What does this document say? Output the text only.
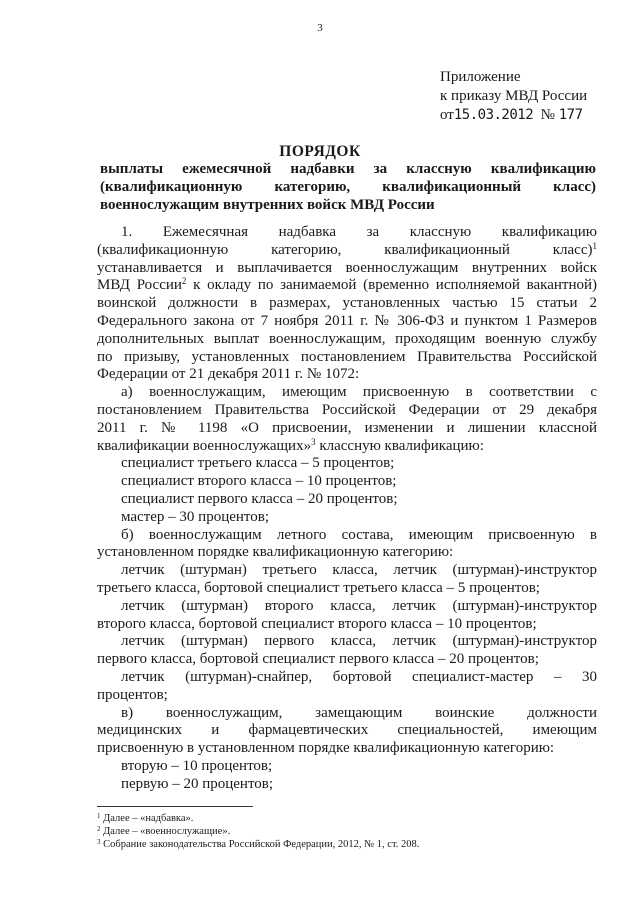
3
Приложение
к приказу МВД России
от15.03.2012 № 177
ПОРЯДОК
выплаты ежемесячной надбавки за классную квалификацию
(квалификационную категорию, квалификационный класс)
военнослужащим внутренних войск МВД России
1. Ежемесячная надбавка за классную квалификацию
(квалификационную категорию, квалификационный класс)$^1$
устанавливается и выплачивается военнослужащим внутренних войск
МВД России$^2$ к окладу по занимаемой (временно исполняемой вакантной)
воинской должности в размерах, установленных частью 15 статьи 2
Федерального закона от 7 ноября 2011 г. № 306-ФЗ и пунктом 1 Размеров
дополнительных выплат военнослужащим, проходящим военную службу
по призыву, установленных постановлением Правительства Российской
Федерации от 21 декабря 2011 г. № 1072:
а) военнослужащим, имеющим присвоенную в соответствии с
постановлением Правительства Российской Федерации от 29 декабря
2011 г. № 1198 «О присвоении, изменении и лишении классной
квалификации военнослужащих»$^3$ классную квалификацию:
специалист третьего класса – 5 процентов;
специалист второго класса – 10 процентов;
специалист первого класса – 20 процентов;
мастер – 30 процентов;
б) военнослужащим летного состава, имеющим присвоенную в
установленном порядке квалификационную категорию:
летчик (штурман) третьего класса, летчик (штурман)-инструктор
третьего класса, бортовой специалист третьего класса – 5 процентов;
летчик (штурман) второго класса, летчик (штурман)-инструктор
второго класса, бортовой специалист второго класса – 10 процентов;
летчик (штурман) первого класса, летчик (штурман)-инструктор
первого класса, бортовой специалист первого класса – 20 процентов;
летчик (штурман)-снайпер, бортовой специалист-мастер – 30
процентов;
в) военнослужащим, замещающим воинские должности
медицинских и фармацевтических специальностей, имеющим
присвоенную в установленном порядке квалификационную категорию:
вторую – 10 процентов;
первую – 20 процентов;
$^1$ Далее – «надбавка».
$^2$ Далее – «военнослужащие».
$^3$ Собрание законодательства Российской Федерации, 2012, № 1, ст. 208.
